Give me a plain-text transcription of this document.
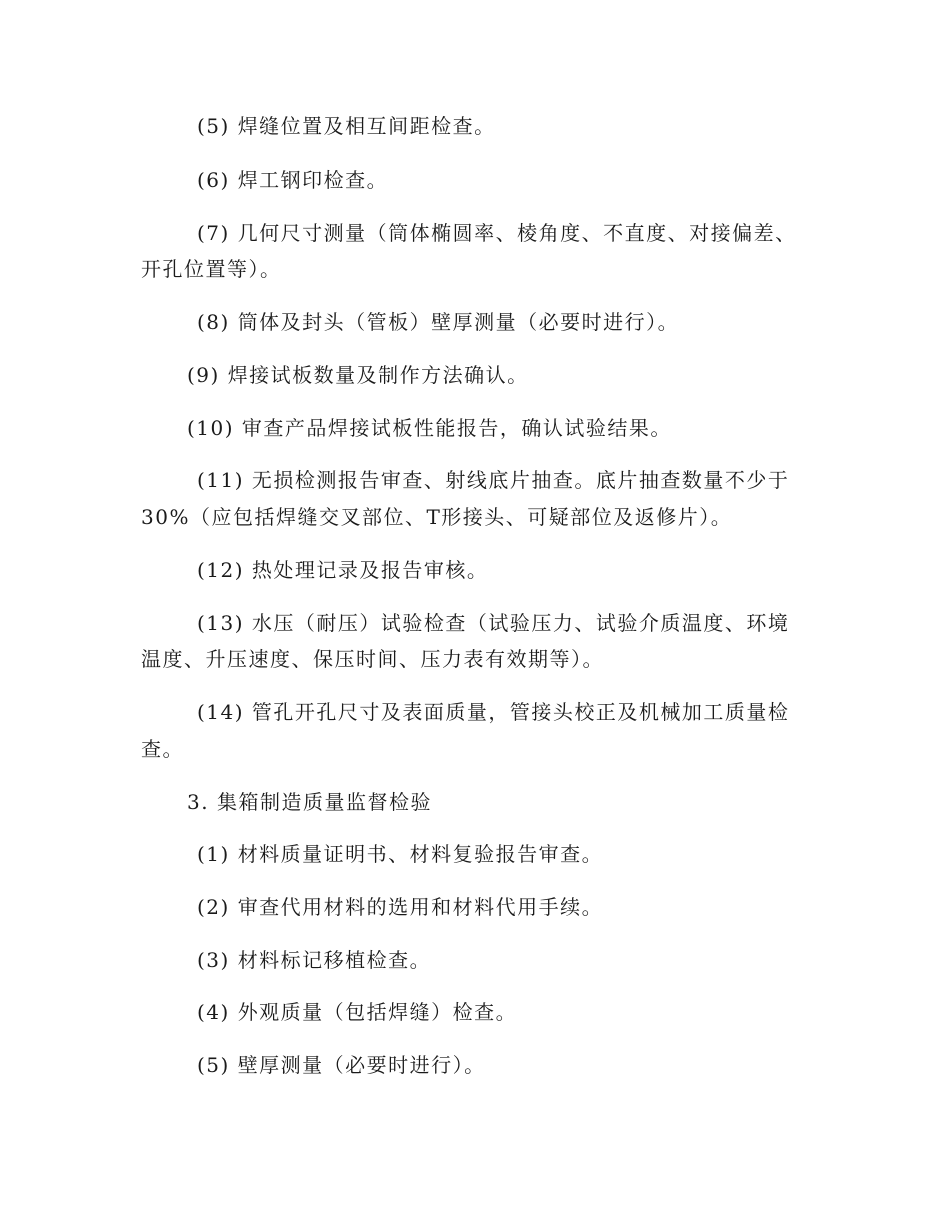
(5) 焊缝位置及相互间距检查。
(6) 焊工钢印检查。
(7) 几何尺寸测量（筒体椭圆率、棱角度、不直度、对接偏差、
开孔位置等）。
(8) 筒体及封头（管板）壁厚测量（必要时进行）。
(9) 焊接试板数量及制作方法确认。
(10) 审查产品焊接试板性能报告，确认试验结果。
(11) 无损检测报告审查、射线底片抽查。底片抽查数量不少于
30%（应包括焊缝交叉部位、T形接头、可疑部位及返修片）。
(12) 热处理记录及报告审核。
(13) 水压（耐压）试验检查（试验压力、试验介质温度、环境
温度、升压速度、保压时间、压力表有效期等）。
(14) 管孔开孔尺寸及表面质量，管接头校正及机械加工质量检
查。
3. 集箱制造质量监督检验
(1) 材料质量证明书、材料复验报告审查。
(2) 审查代用材料的选用和材料代用手续。
(3) 材料标记移植检查。
(4) 外观质量（包括焊缝）检查。
(5) 壁厚测量（必要时进行）。
